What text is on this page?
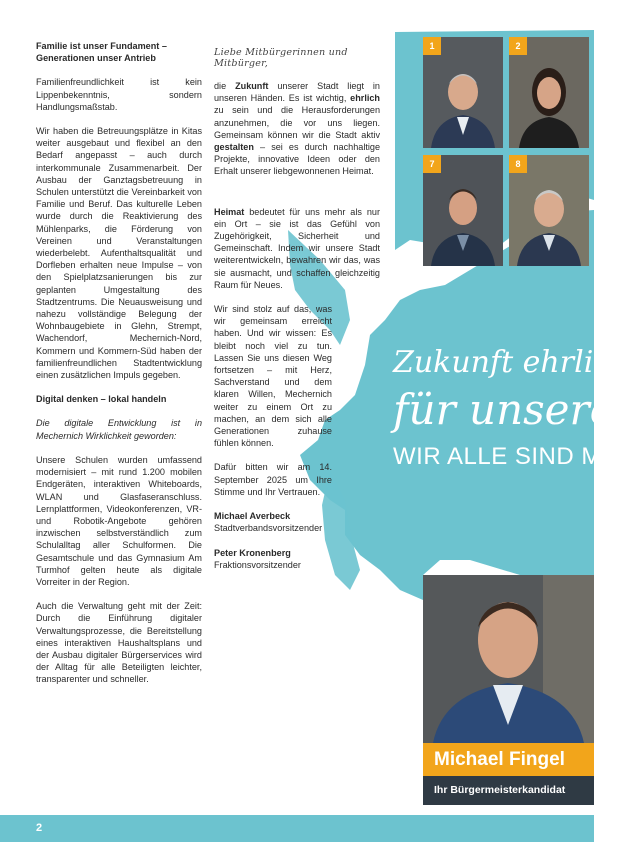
Familie ist unser Fundament – Generationen unser Antrieb

Familienfreundlichkeit ist kein Lippenbekenntnis, sondern Handlungsmaßstab.

Wir haben die Betreuungsplätze in Kitas weiter ausgebaut und flexibel an den Bedarf angepasst – auch durch interkommunale Zusammenarbeit. Der Ausbau der Ganztagsbetreuung in Schulen unterstützt die Vereinbarkeit von Familie und Beruf. Das kulturelle Leben wurde durch die Reaktivierung des Mühlenparks, die Förderung von Vereinen und Veranstaltungen wiederbelebt. Aufenthaltsqualität und Dorfleben erhalten neue Impulse – von den Spielplatzsanierungen bis zur geplanten Umgestaltung des Stadtzentrums. Die Neuausweisung und nahezu vollständige Belegung der Wohnbaugebiete in Glehn, Strempt, Wachendorf, Mechernich-Nord, Kommern und Kommern-Süd haben der familienfreundlichen Stadtentwicklung einen zusätzlichen Impuls gegeben.

Digital denken – lokal handeln

Die digitale Entwicklung ist in Mechernich Wirklichkeit geworden:

Unsere Schulen wurden umfassend modernisiert – mit rund 1.200 mobilen Endgeräten, interaktiven Whiteboards, WLAN und Glasfaseranschluss. Lernplattformen, Videokonferenzen, VR- und Robotik-Angebote gehören inzwischen selbstverständlich zum Schulalltag aller Schulformen. Die Gesamtschule und das Gymnasium Am Turmhof gelten heute als digitale Vorreiter in der Region.

Auch die Verwaltung geht mit der Zeit: Durch die Einführung digitaler Verwaltungsprozesse, die Bereitstellung eines interaktiven Haushaltsplans und der Ausbau digitaler Bürgerservices wird der Alltag für alle Beteiligten leichter, transparenter und schneller.

Liebe Mitbürgerinnen und Mitbürger,

die Zukunft unserer Stadt liegt in unseren Händen. Es ist wichtig, ehrlich zu sein und die Herausforderungen anzunehmen, die vor uns liegen. Gemeinsam können wir die Stadt aktiv gestalten – sei es durch nachhaltige Projekte, innovative Ideen oder den Erhalt unserer liebgewonnenen Heimat.

Heimat bedeutet für uns mehr als nur ein Ort – sie ist das Gefühl von Zugehörigkeit, Sicherheit und Gemeinschaft. Indem wir unsere Stadt weiterentwickeln, bewahren wir das, was sie ausmacht, und schaffen gleichzeitig Raum für Neues.

Wir sind stolz auf das, was wir gemeinsam erreicht haben. Und wir wissen: Es bleibt noch viel zu tun. Lassen Sie uns diesen Weg fortsetzen – mit Herz, Sachverstand und dem klaren Willen, Mechernich weiter zu einem Ort zu machen, an dem sich alle Generationen zuhause fühlen können.

Dafür bitten wir am 14. September 2025 um Ihre Stimme und Ihr Vertrauen.

Michael Averbeck
Stadtverbandsvorsitzender

Peter Kronenberg
Fraktionsvorsitzender

1	2
7	8
Zukunft ehrlich
für unsere
WIR ALLE SIND M
Michael Fingel
Ihr Bürgermeisterkandidat
2
